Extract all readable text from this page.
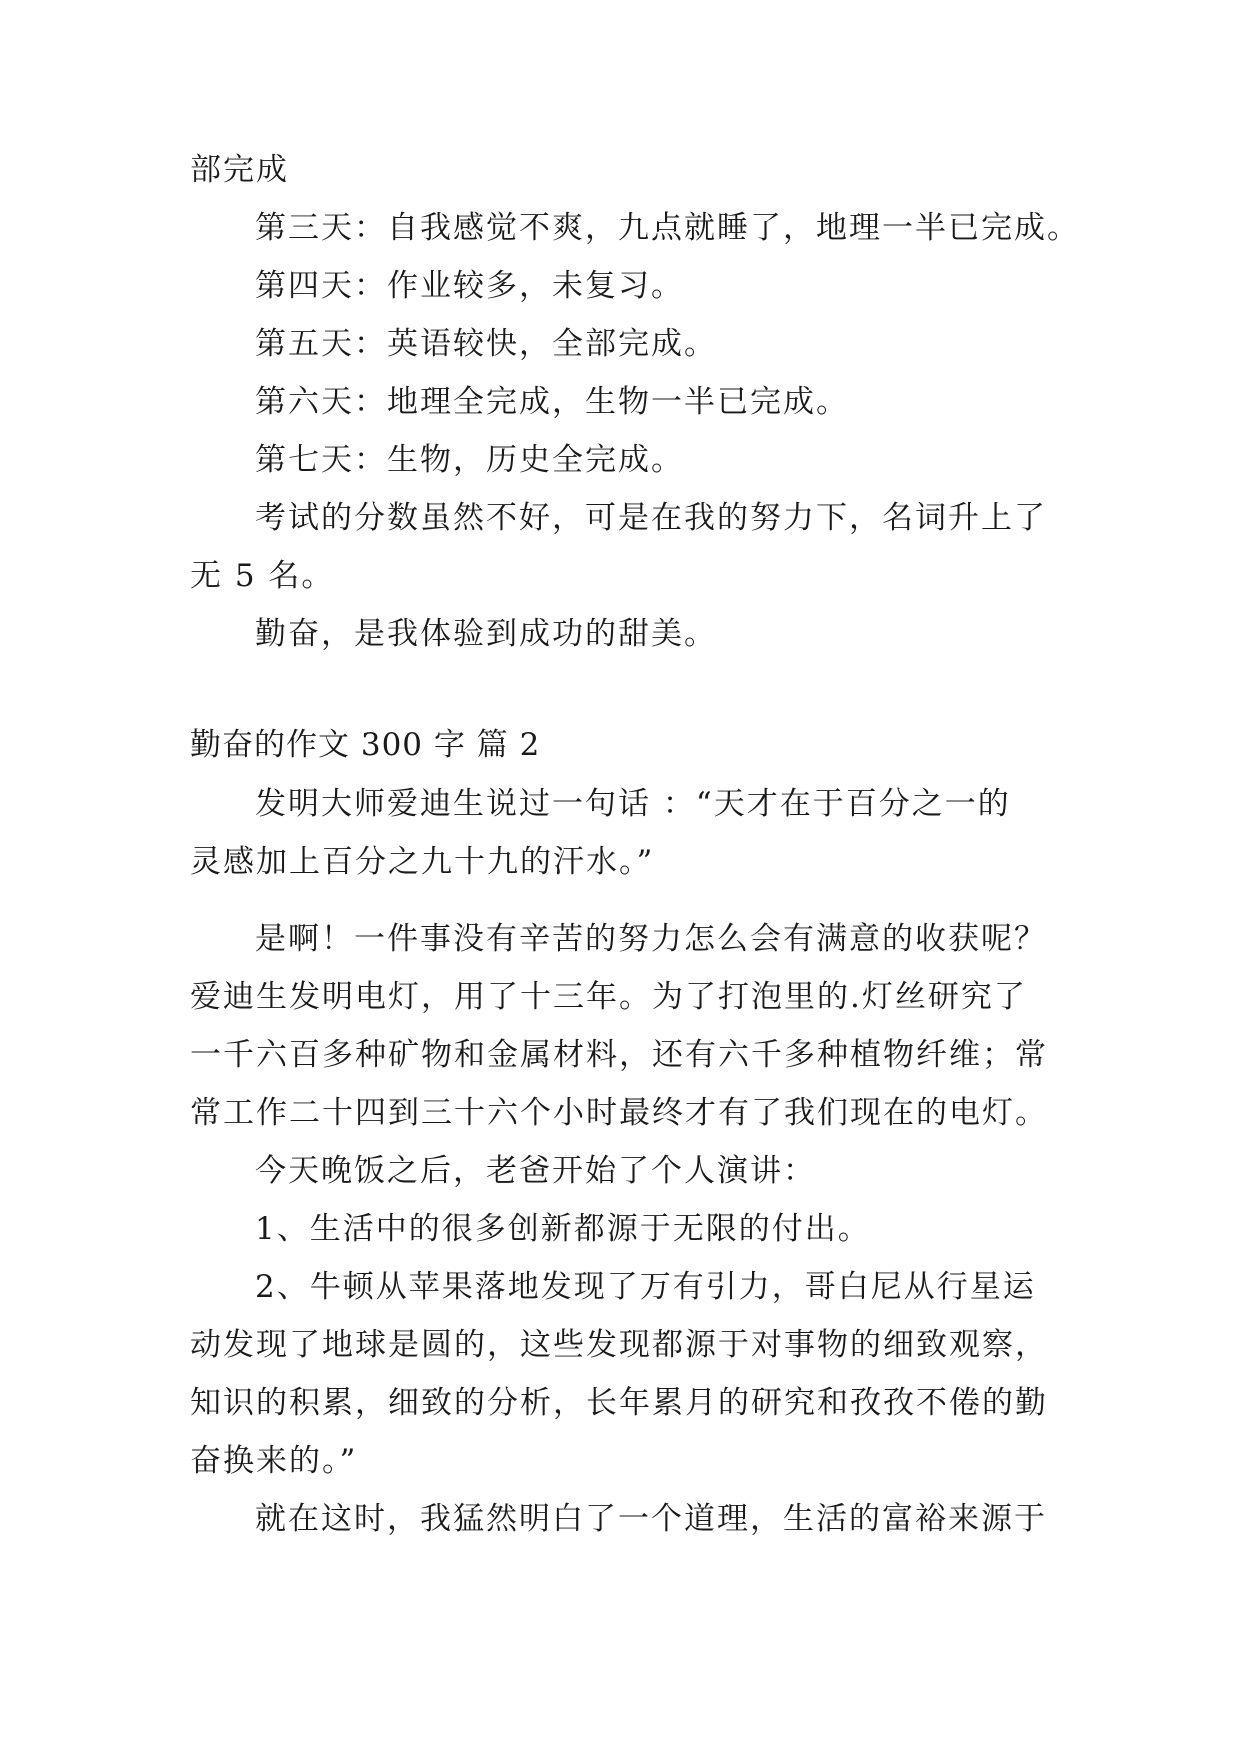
部完成
第三天：自我感觉不爽，九点就睡了，地理一半已完成。
第四天：作业较多，未复习。
第五天：英语较快，全部完成。
第六天：地理全完成，生物一半已完成。
第七天：生物，历史全完成。
考试的分数虽然不好，可是在我的努力下，名词升上了
无 5 名。
勤奋，是我体验到成功的甜美。
勤奋的作文 300 字 篇 2
发明大师爱迪生说过一句话 ：“天才在于百分之一的
灵感加上百分之九十九的汗水。”
是啊！一件事没有辛苦的努力怎么会有满意的收获呢？
爱迪生发明电灯，用了十三年。为了打泡里的.灯丝研究了
一千六百多种矿物和金属材料，还有六千多种植物纤维；常
常工作二十四到三十六个小时最终才有了我们现在的电灯。
今天晚饭之后，老爸开始了个人演讲：
1、生活中的很多创新都源于无限的付出。
2、牛顿从苹果落地发现了万有引力，哥白尼从行星运
动发现了地球是圆的，这些发现都源于对事物的细致观察，
知识的积累，细致的分析，长年累月的研究和孜孜不倦的勤
奋换来的。”
就在这时，我猛然明白了一个道理，生活的富裕来源于
